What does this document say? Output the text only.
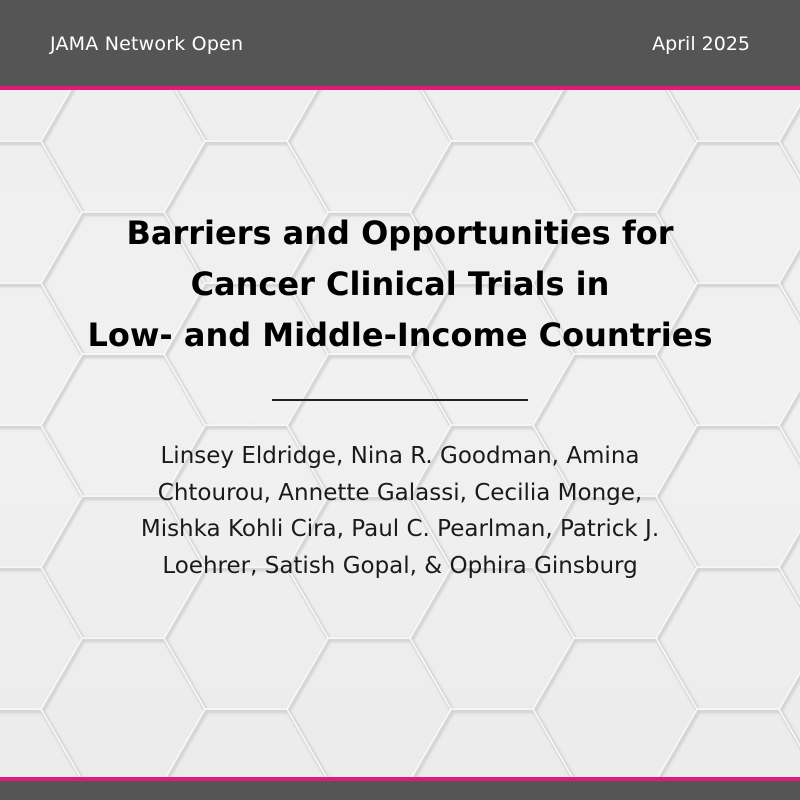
JAMA Network Open	April 2025
Barriers and Opportunities for
Cancer Clinical Trials in
Low- and Middle-Income Countries

Linsey Eldridge, Nina R. Goodman, Amina
Chtourou, Annette Galassi, Cecilia Monge,
Mishka Kohli Cira, Paul C. Pearlman, Patrick J.
Loehrer, Satish Gopal, & Ophira Ginsburg
